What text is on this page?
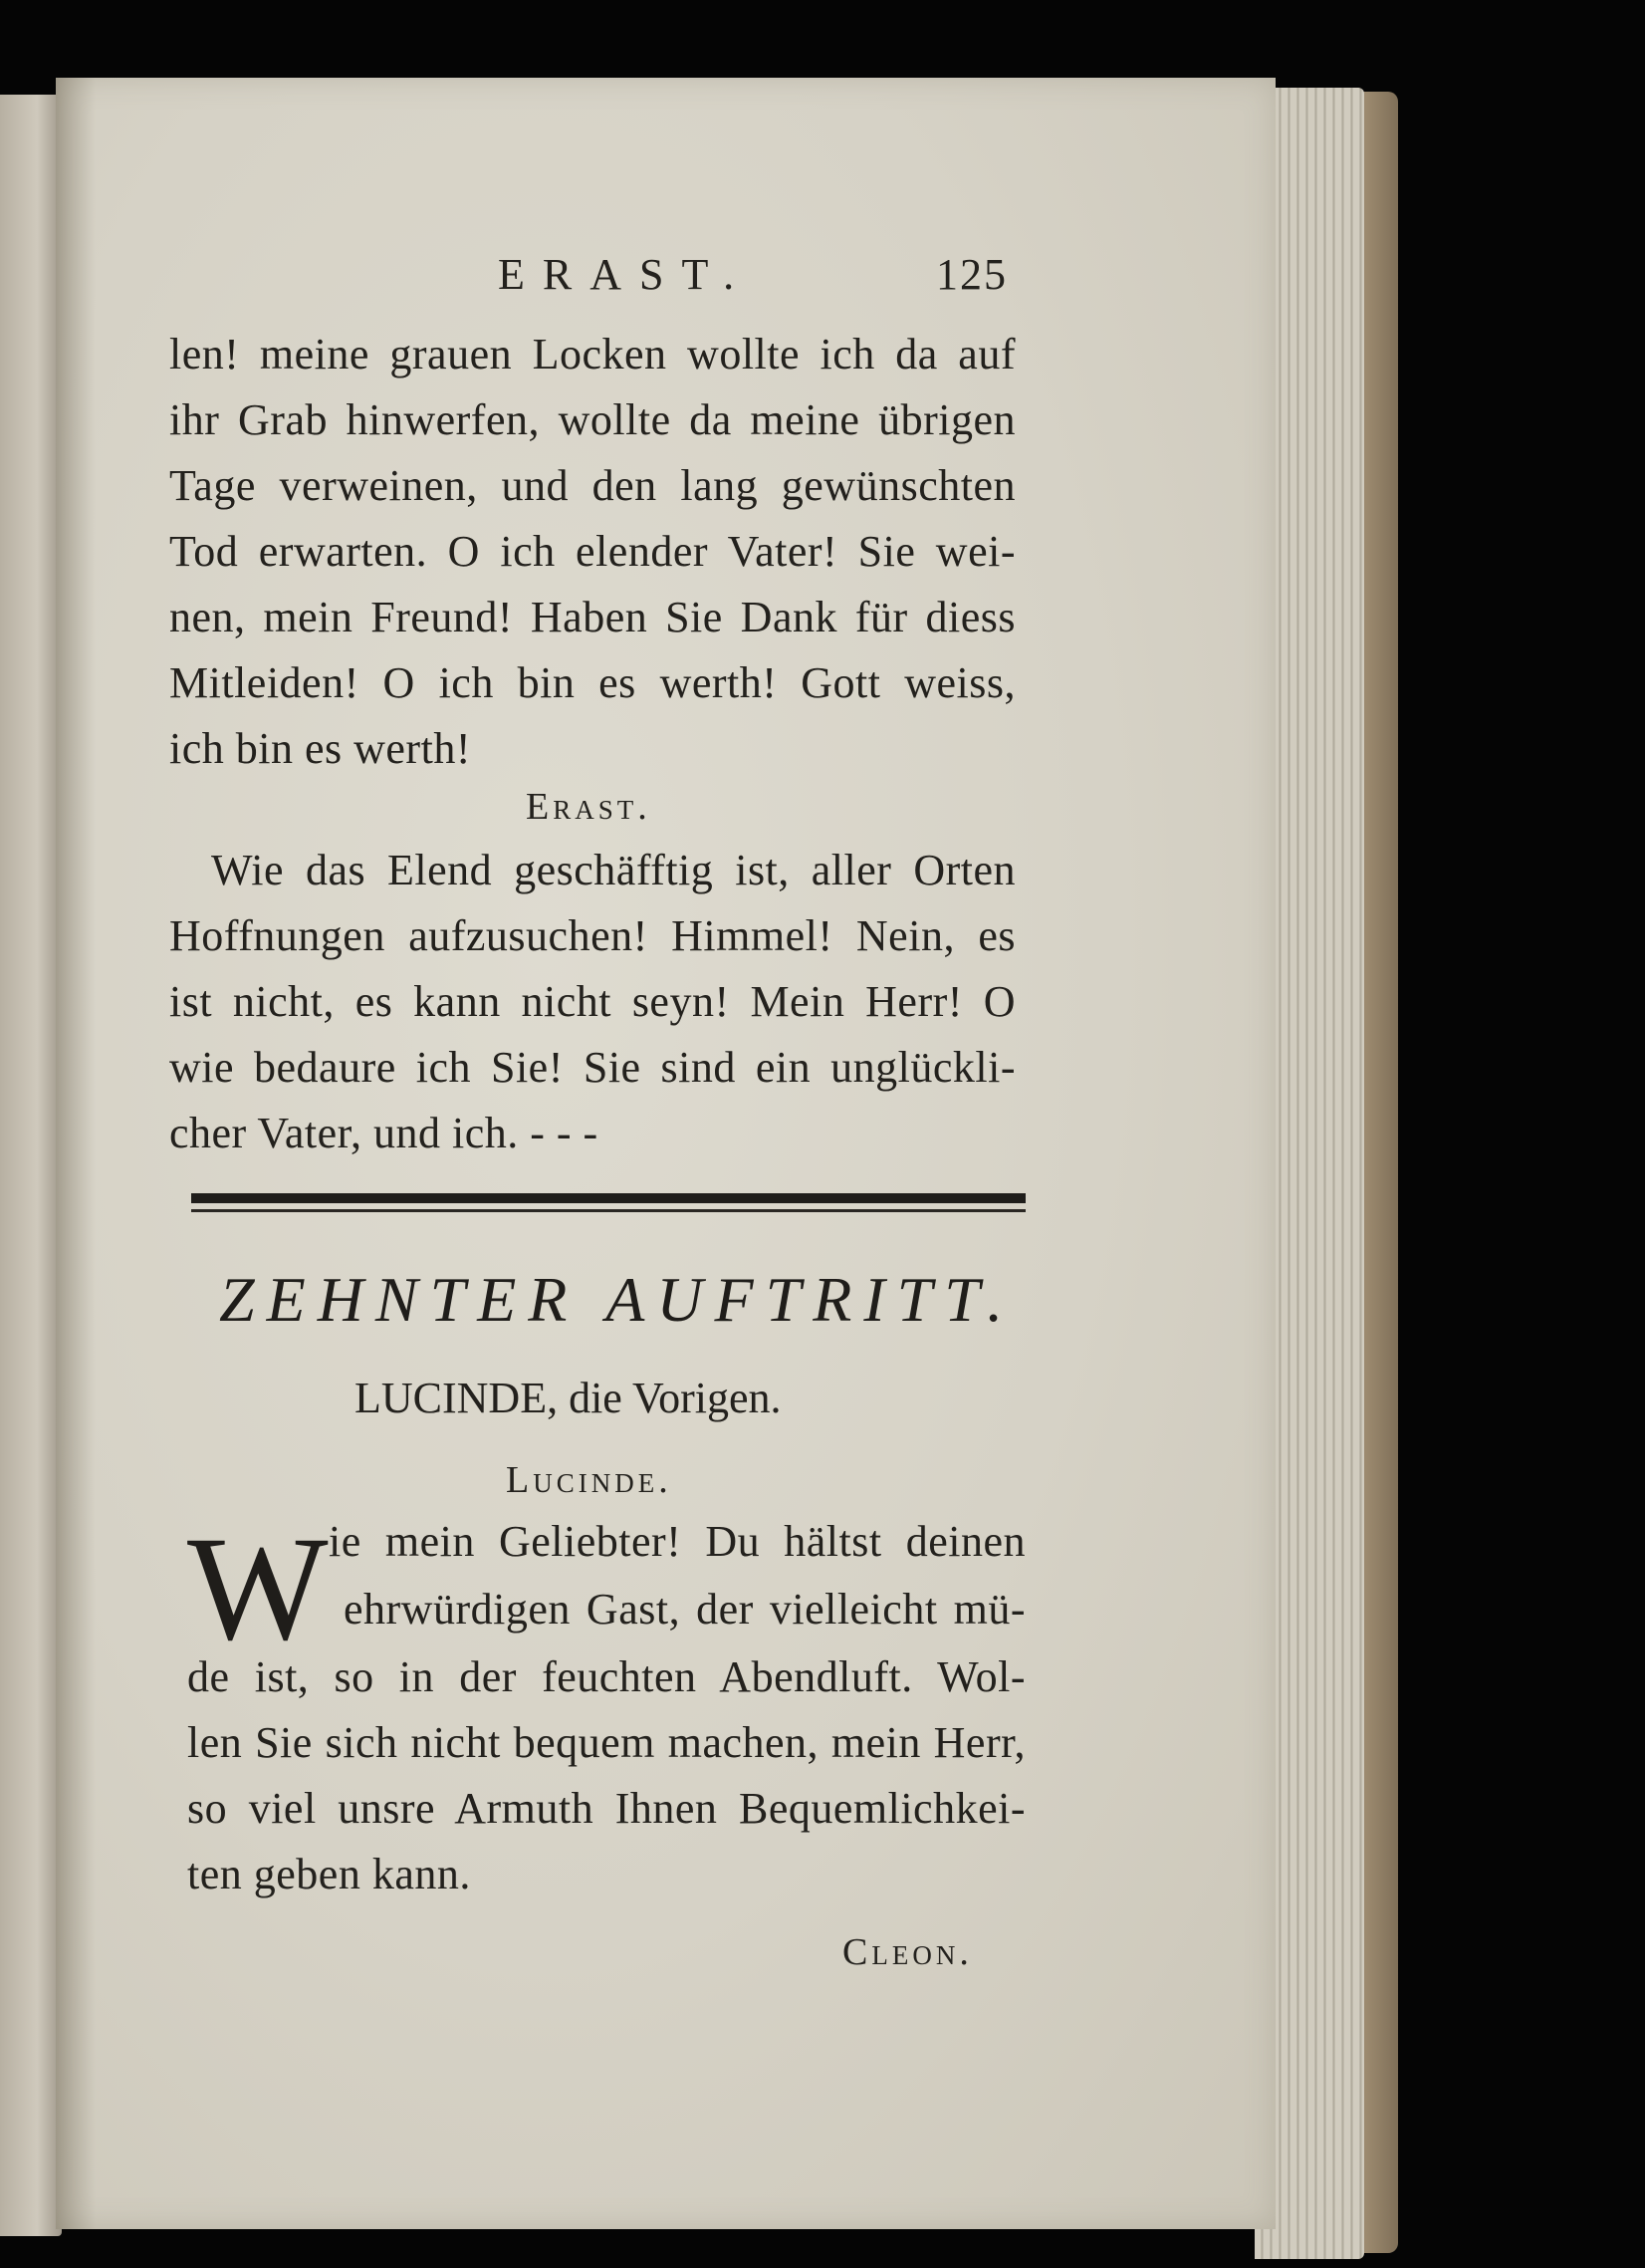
ERAST.	125
len! meine grauen Locken wollte ich da auf
ihr Grab hinwerfen, wollte da meine übrigen
Tage verweinen, und den lang gewünschten
Tod erwarten. O ich elender Vater! Sie wei-
nen, mein Freund! Haben Sie Dank für diess
Mitleiden! O ich bin es werth! Gott weiss,
ich bin es werth!
Erast.
Wie das Elend geschäfftig ist, aller Orten
Hoffnungen aufzusuchen! Himmel! Nein, es
ist nicht, es kann nicht seyn! Mein Herr! O
wie bedaure ich Sie! Sie sind ein unglückli-
cher Vater, und ich. - - -
ZEHNTER AUFTRITT.
LUCINDE, die Vorigen.
Lucinde.
W ie mein Geliebter! Du hältst deinen
ehrwürdigen Gast, der vielleicht mü-
de ist, so in der feuchten Abendluft. Wol-
len Sie sich nicht bequem machen, mein Herr,
so viel unsre Armuth Ihnen Bequemlichkei-
ten geben kann.
Cleon.
